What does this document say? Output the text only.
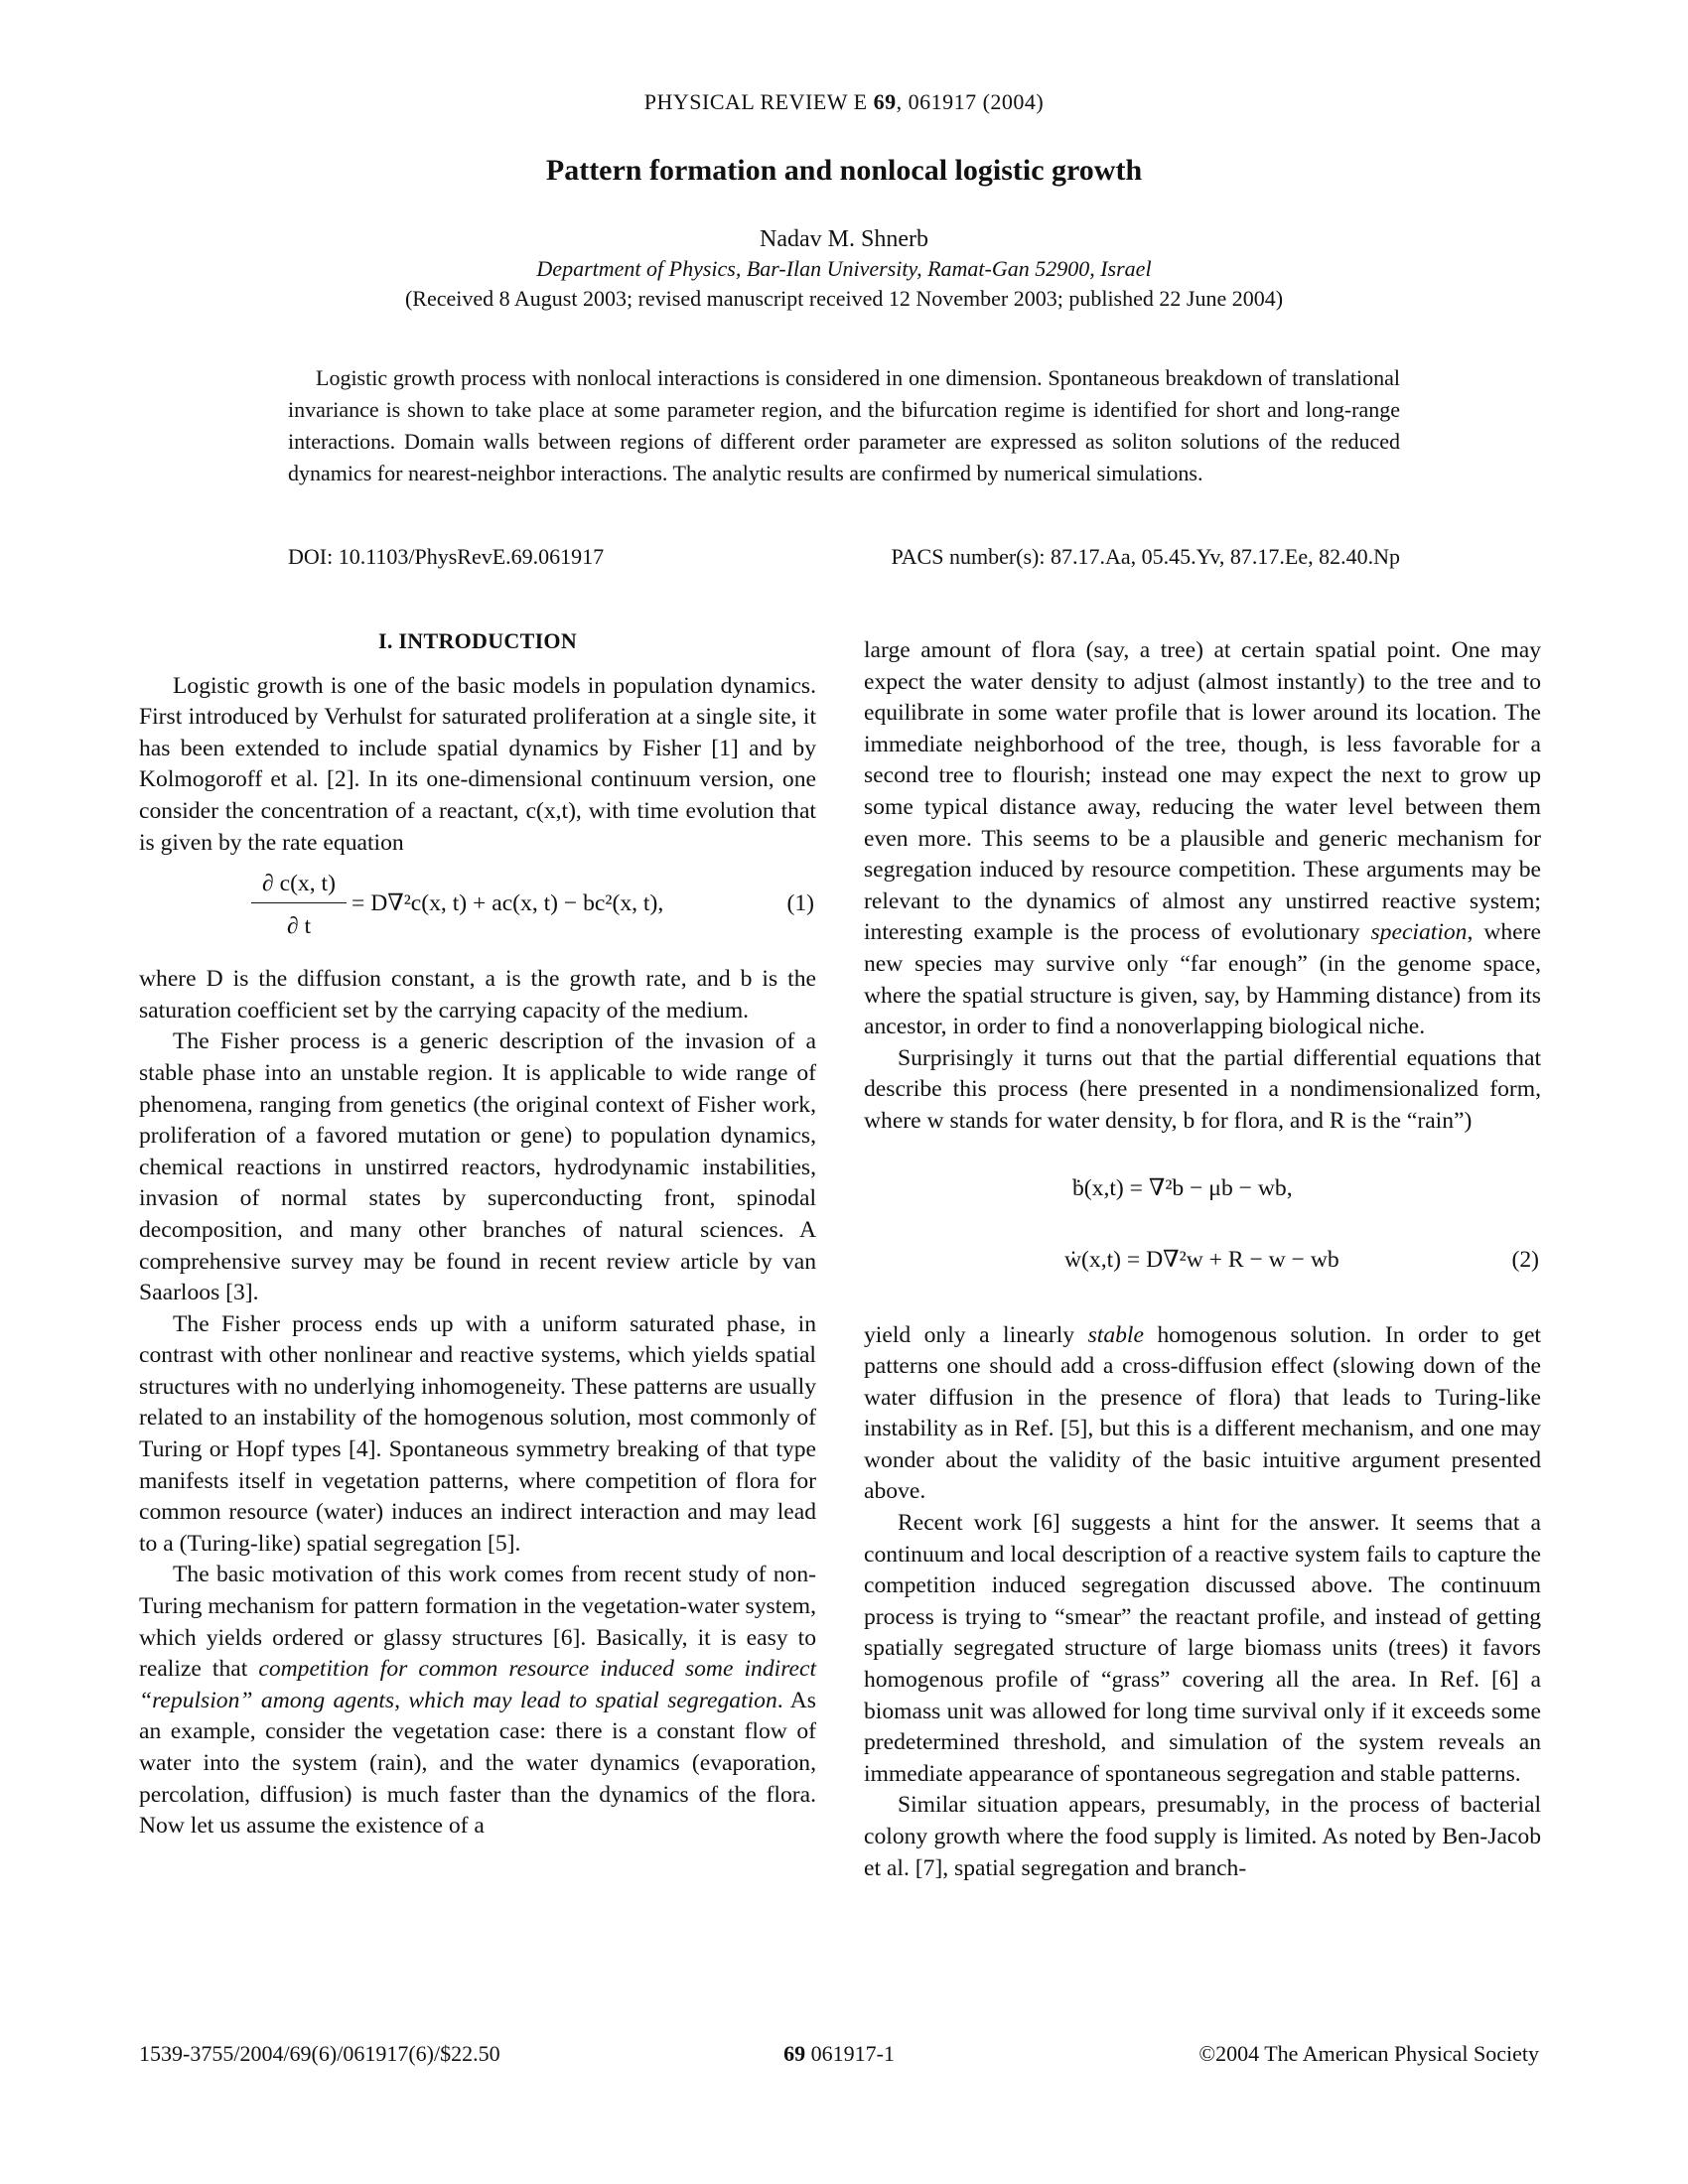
PHYSICAL REVIEW E 69, 061917 (2004)
Pattern formation and nonlocal logistic growth
Nadav M. Shnerb
Department of Physics, Bar-Ilan University, Ramat-Gan 52900, Israel
(Received 8 August 2003; revised manuscript received 12 November 2003; published 22 June 2004)
Logistic growth process with nonlocal interactions is considered in one dimension. Spontaneous breakdown of translational invariance is shown to take place at some parameter region, and the bifurcation regime is identified for short and long-range interactions. Domain walls between regions of different order parameter are expressed as soliton solutions of the reduced dynamics for nearest-neighbor interactions. The analytic results are confirmed by numerical simulations.
DOI: 10.1103/PhysRevE.69.061917	PACS number(s): 87.17.Aa, 05.45.Yv, 87.17.Ee, 82.40.Np
I. INTRODUCTION

Logistic growth is one of the basic models in population dynamics. First introduced by Verhulst for saturated proliferation at a single site, it has been extended to include spatial dynamics by Fisher [1] and by Kolmogoroff et al. [2]. In its one-dimensional continuum version, one consider the concentration of a reactant, c(x,t), with time evolution that is given by the rate equation

$\frac{\partial c(x, t)}{\partial t} = D\nabla^2c(x$, t) + ac(x, t) − bc²(x, t),	(1)

where D is the diffusion constant, a is the growth rate, and b is the saturation coefficient set by the carrying capacity of the medium.

The Fisher process is a generic description of the invasion of a stable phase into an unstable region. It is applicable to wide range of phenomena, ranging from genetics (the original context of Fisher work, proliferation of a favored mutation or gene) to population dynamics, chemical reactions in unstirred reactors, hydrodynamic instabilities, invasion of normal states by superconducting front, spinodal decomposition, and many other branches of natural sciences. A comprehensive survey may be found in recent review article by van Saarloos [3].

The Fisher process ends up with a uniform saturated phase, in contrast with other nonlinear and reactive systems, which yields spatial structures with no underlying inhomogeneity. These patterns are usually related to an instability of the homogenous solution, most commonly of Turing or Hopf types [4]. Spontaneous symmetry breaking of that type manifests itself in vegetation patterns, where competition of flora for common resource (water) induces an indirect interaction and may lead to a (Turing-like) spatial segregation [5].

The basic motivation of this work comes from recent study of non-Turing mechanism for pattern formation in the vegetation-water system, which yields ordered or glassy structures [6]. Basically, it is easy to realize that competition for common resource induced some indirect “repulsion” among agents, which may lead to spatial segregation. As an example, consider the vegetation case: there is a constant flow of water into the system (rain), and the water dynamics (evaporation, percolation, diffusion) is much faster than the dynamics of the flora. Now let us assume the existence of a

large amount of flora (say, a tree) at certain spatial point. One may expect the water density to adjust (almost instantly) to the tree and to equilibrate in some water profile that is lower around its location. The immediate neighborhood of the tree, though, is less favorable for a second tree to flourish; instead one may expect the next to grow up some typical distance away, reducing the water level between them even more. This seems to be a plausible and generic mechanism for segregation induced by resource competition. These arguments may be relevant to the dynamics of almost any unstirred reactive system; interesting example is the process of evolutionary speciation, where new species may survive only “far enough” (in the genome space, where the spatial structure is given, say, by Hamming distance) from its ancestor, in order to find a nonoverlapping biological niche.

Surprisingly it turns out that the partial differential equations that describe this process (here presented in a nondimensionalized form, where w stands for water density, b for flora, and R is the “rain”)

ḃ(x,t) = ∇²b − μb − wb,
ẇ(x,t) = D∇²w + R − w − wb	(2)

yield only a linearly stable homogenous solution. In order to get patterns one should add a cross-diffusion effect (slowing down of the water diffusion in the presence of flora) that leads to Turing-like instability as in Ref. [5], but this is a different mechanism, and one may wonder about the validity of the basic intuitive argument presented above.

Recent work [6] suggests a hint for the answer. It seems that a continuum and local description of a reactive system fails to capture the competition induced segregation discussed above. The continuum process is trying to “smear” the reactant profile, and instead of getting spatially segregated structure of large biomass units (trees) it favors homogenous profile of “grass” covering all the area. In Ref. [6] a biomass unit was allowed for long time survival only if it exceeds some predetermined threshold, and simulation of the system reveals an immediate appearance of spontaneous segregation and stable patterns.

Similar situation appears, presumably, in the process of bacterial colony growth where the food supply is limited. As noted by Ben-Jacob et al. [7], spatial segregation and branch-

1539-3755/2004/69(6)/061917(6)/$22.50	69 061917-1	©2004 The American Physical Society
